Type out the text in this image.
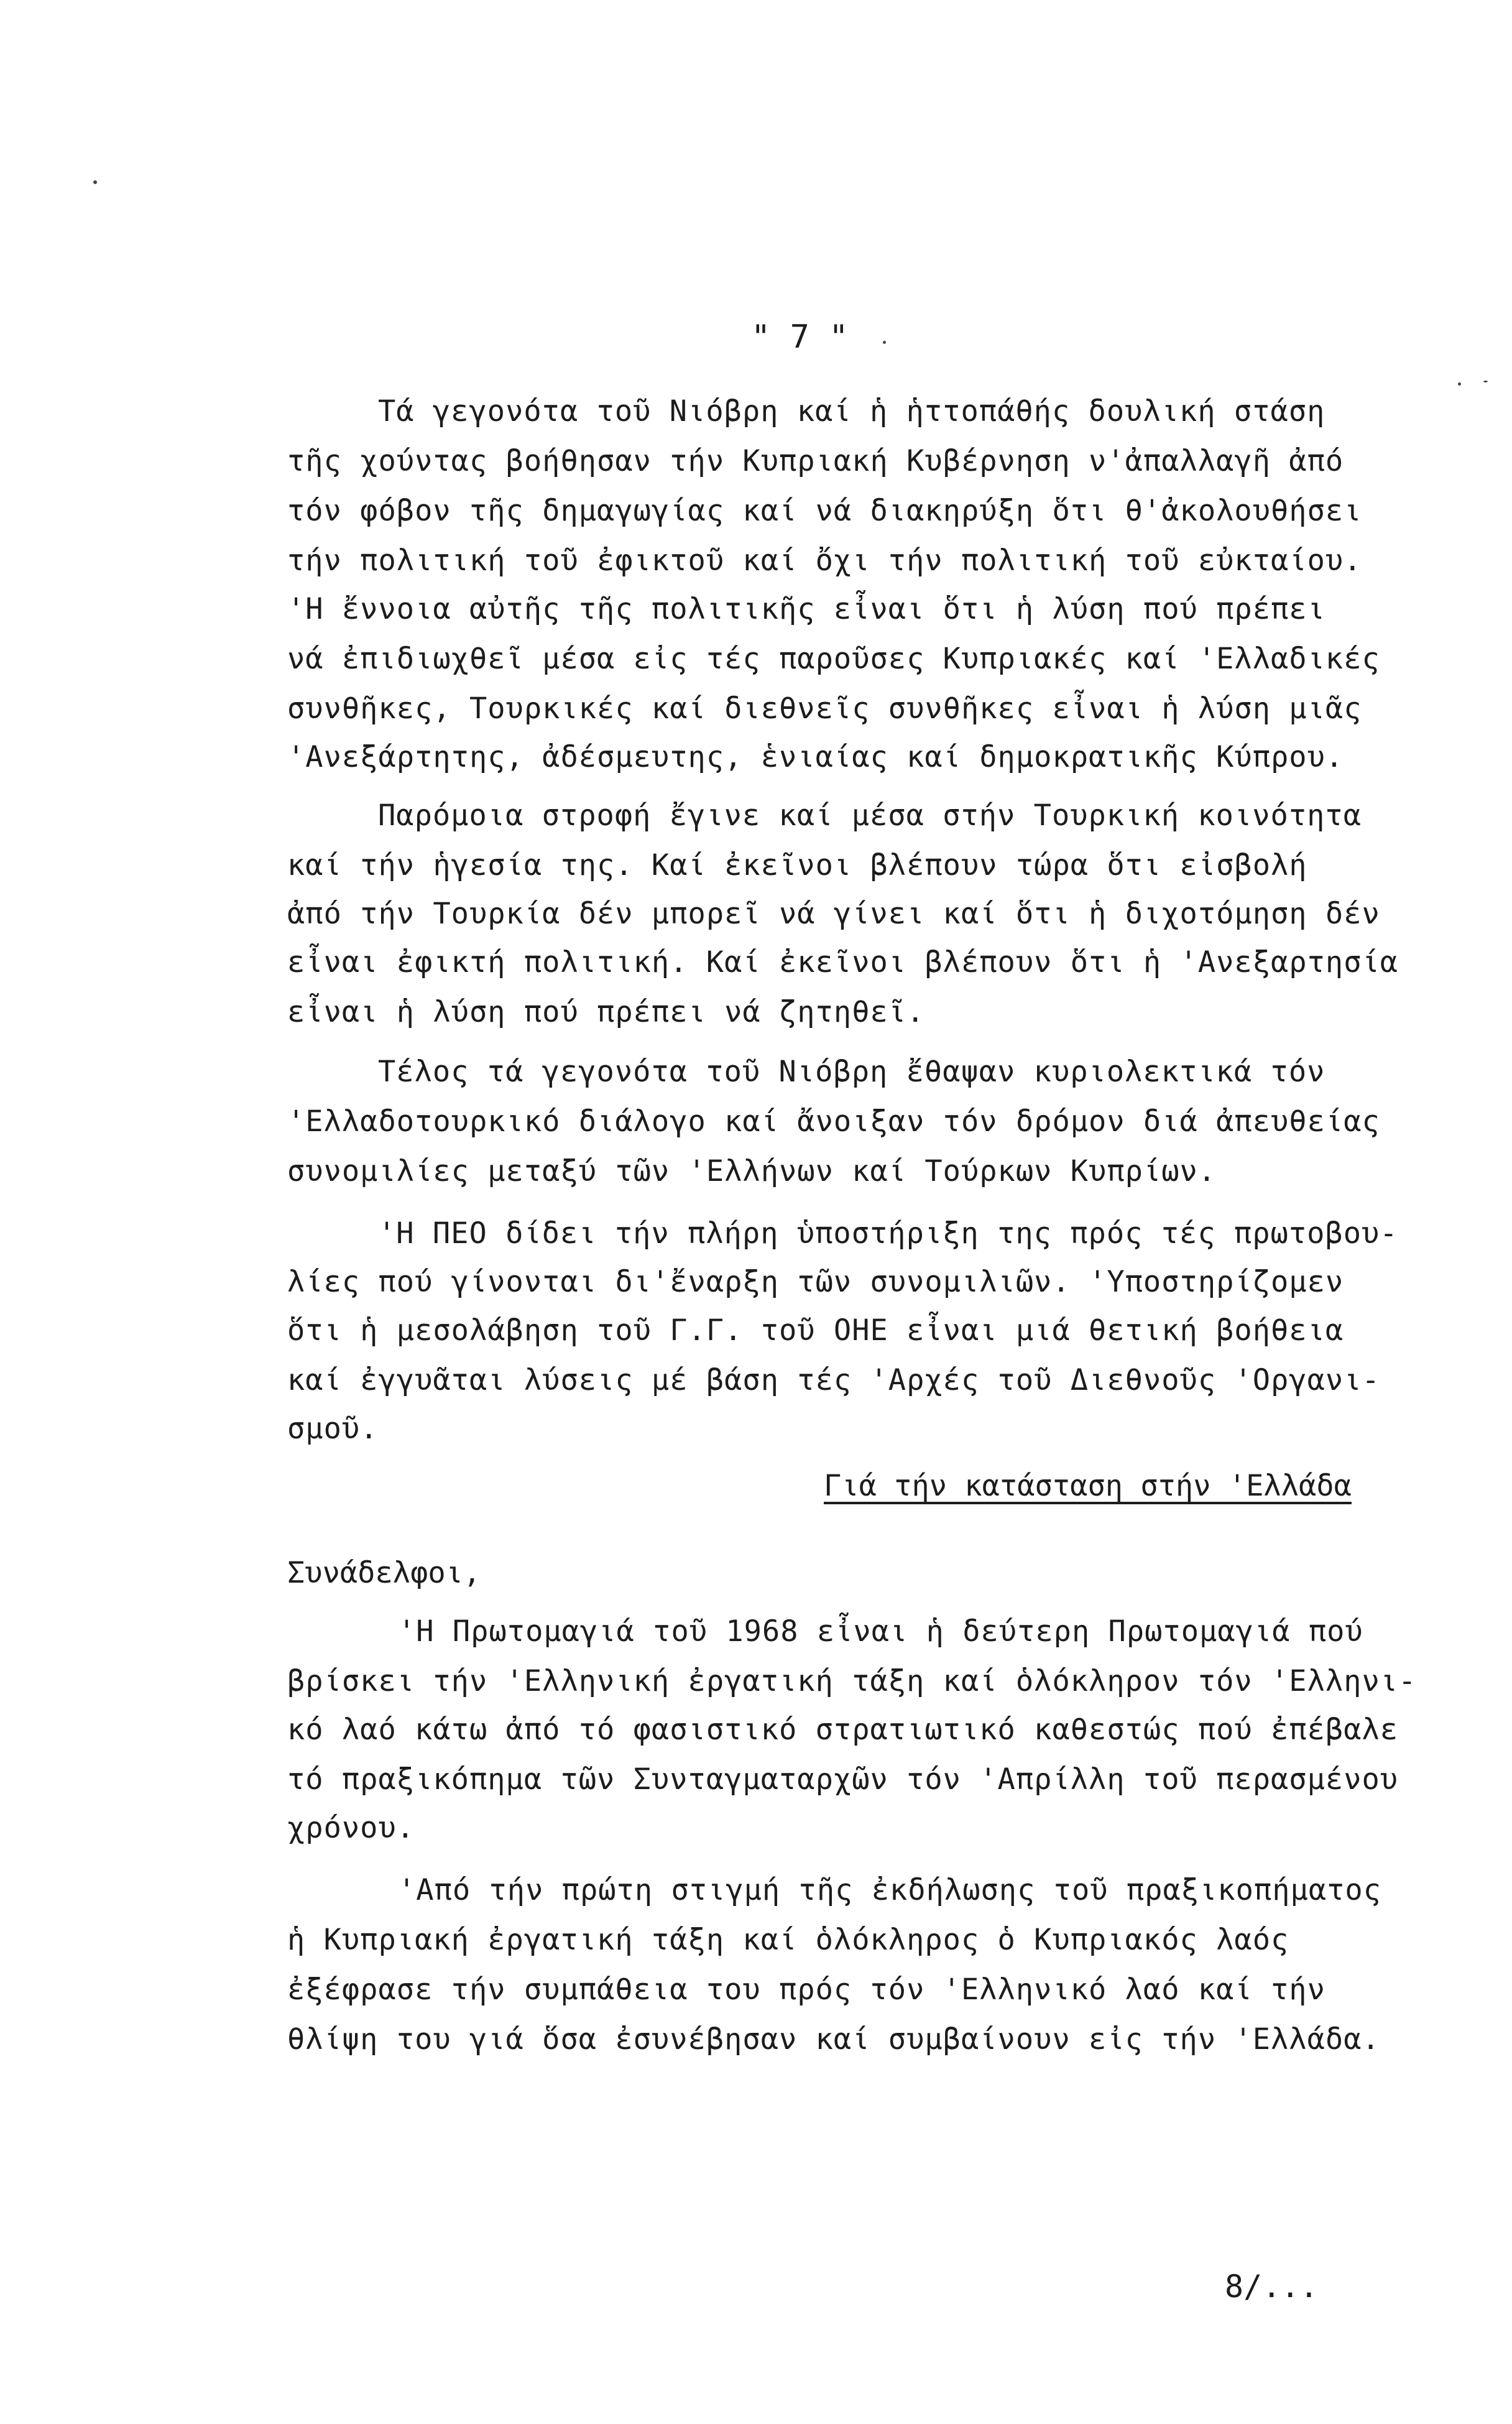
" 7 "
Τά γεγονότα τοῦ Νιόβρη καί ἡ ἡττοπάθής δουλική στάση
τῆς χούντας βοήθησαν τήν Κυπριακή Κυβέρνηση ν'ἀπαλλαγῆ ἀπό
τόν φόβον τῆς δημαγωγίας καί νά διακηρύξη ὅτι θ'ἀκολουθήσει
τήν πολιτική τοῦ ἐφικτοῦ καί ὄχι τήν πολιτική τοῦ εὐκταίου.
'Η ἔννοια αὐτῆς τῆς πολιτικῆς εἶναι ὅτι ἡ λύση πού πρέπει
νά ἐπιδιωχθεῖ μέσα εἰς τές παροῦσες Κυπριακές καί 'Ελλαδικές
συνθῆκες, Τουρκικές καί διεθνεῖς συνθῆκες εἶναι ἡ λύση μιᾶς
'Ανεξάρτητης, ἀδέσμευτης, ἑνιαίας καί δημοκρατικῆς Κύπρου.
Παρόμοια στροφή ἔγινε καί μέσα στήν Τουρκική κοινότητα
καί τήν ἡγεσία της. Καί ἐκεῖνοι βλέπουν τώρα ὅτι εἰσβολή
ἀπό τήν Τουρκία δέν μπορεῖ νά γίνει καί ὅτι ἡ διχοτόμηση δέν
εἶναι ἐφικτή πολιτική. Καί ἐκεῖνοι βλέπουν ὅτι ἡ 'Ανεξαρτησία
εἶναι ἡ λύση πού πρέπει νά ζητηθεῖ.
Τέλος τά γεγονότα τοῦ Νιόβρη ἔθαψαν κυριολεκτικά τόν
'Ελλαδοτουρκικό διάλογο καί ἄνοιξαν τόν δρόμον διά ἀπευθείας
συνομιλίες μεταξύ τῶν 'Ελλήνων καί Τούρκων Κυπρίων.
'Η ΠΕΟ δίδει τήν πλήρη ὑποστήριξη της πρός τές πρωτοβου-
λίες πού γίνονται δι'ἔναρξη τῶν συνομιλιῶν. 'Υποστηρίζομεν
ὅτι ἡ μεσολάβηση τοῦ Γ.Γ. τοῦ ΟΗΕ εἶναι μιά θετική βοήθεια
καί ἐγγυᾶται λύσεις μέ βάση τές 'Αρχές τοῦ Διεθνοῦς 'Οργανι-
σμοῦ.
Γιά τήν κατάσταση στήν 'Ελλάδα
Συνάδελφοι,
'Η Πρωτομαγιά τοῦ 1968 εἶναι ἡ δεύτερη Πρωτομαγιά πού
βρίσκει τήν 'Ελληνική ἐργατική τάξη καί ὁλόκληρον τόν 'Ελληνι-
κό λαό κάτω ἀπό τό φασιστικό στρατιωτικό καθεστώς πού ἐπέβαλε
τό πραξικόπημα τῶν Συνταγματαρχῶν τόν 'Απρίλλη τοῦ περασμένου
χρόνου.
'Από τήν πρώτη στιγμή τῆς ἐκδήλωσης τοῦ πραξικοπήματος
ἡ Κυπριακή ἐργατική τάξη καί ὁλόκληρος ὁ Κυπριακός λαός
ἐξέφρασε τήν συμπάθεια του πρός τόν 'Ελληνικό λαό καί τήν
θλίψη του γιά ὅσα ἐσυνέβησαν καί συμβαίνουν εἰς τήν 'Ελλάδα.
8/...
